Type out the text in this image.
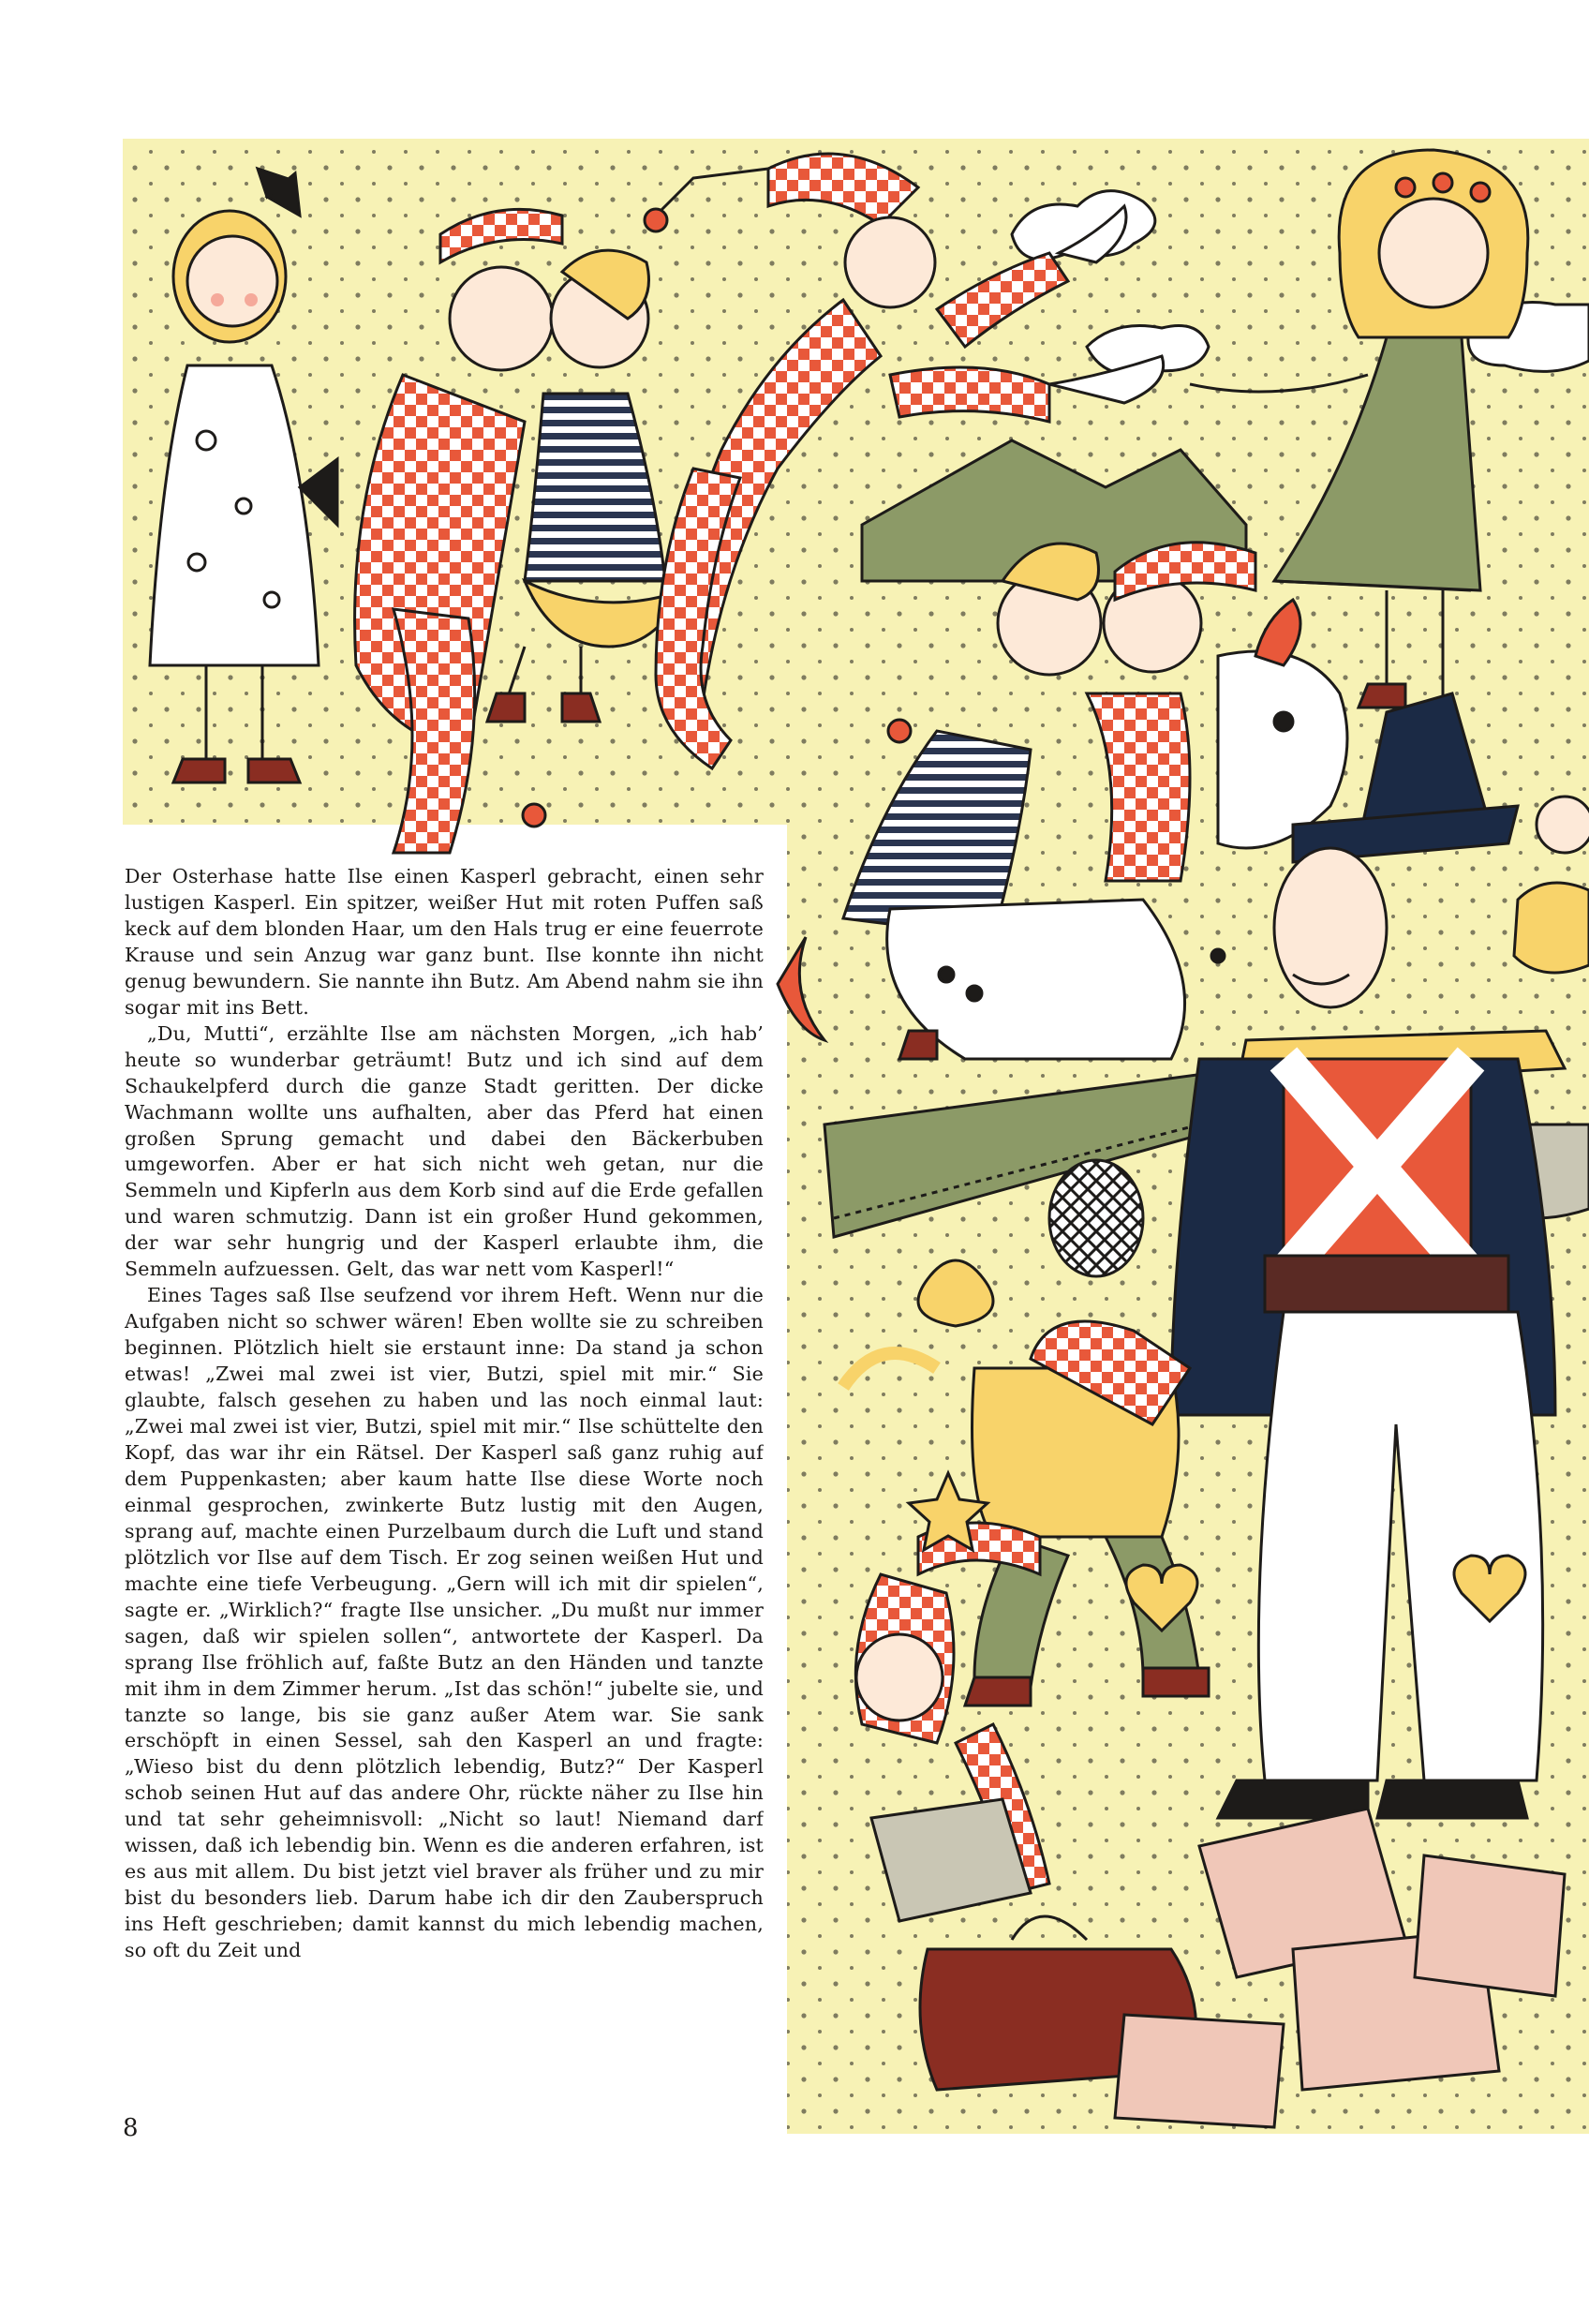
Der Osterhase hatte Ilse einen Kasperl gebracht, einen sehr lustigen Kasperl. Ein spitzer, weißer Hut mit roten Puffen saß keck auf dem blonden Haar, um den Hals trug er eine feuerrote Krause und sein Anzug war ganz bunt. Ilse konnte ihn nicht genug bewundern. Sie nannte ihn Butz. Am Abend nahm sie ihn sogar mit ins Bett.

„Du, Mutti“, erzählte Ilse am nächsten Morgen, „ich hab’ heute so wunderbar geträumt! Butz und ich sind auf dem Schaukelpferd durch die ganze Stadt geritten. Der dicke Wachmann wollte uns aufhalten, aber das Pferd hat einen großen Sprung gemacht und dabei den Bäckerbuben umgeworfen. Aber er hat sich nicht weh getan, nur die Semmeln und Kipferln aus dem Korb sind auf die Erde gefallen und waren schmutzig. Dann ist ein großer Hund gekommen, der war sehr hungrig und der Kasperl erlaubte ihm, die Semmeln aufzuessen. Gelt, das war nett vom Kasperl!“

Eines Tages saß Ilse seufzend vor ihrem Heft. Wenn nur die Aufgaben nicht so schwer wären! Eben wollte sie zu schreiben beginnen. Plötzlich hielt sie erstaunt inne: Da stand ja schon etwas! „Zwei mal zwei ist vier, Butzi, spiel mit mir.“ Sie glaubte, falsch gesehen zu haben und las noch einmal laut: „Zwei mal zwei ist vier, Butzi, spiel mit mir.“ Ilse schüttelte den Kopf, das war ihr ein Rätsel. Der Kasperl saß ganz ruhig auf dem Puppenkasten; aber kaum hatte Ilse diese Worte noch einmal gesprochen, zwinkerte Butz lustig mit den Augen, sprang auf, machte einen Purzelbaum durch die Luft und stand plötzlich vor Ilse auf dem Tisch. Er zog seinen weißen Hut und machte eine tiefe Verbeugung. „Gern will ich mit dir spielen“, sagte er. „Wirklich?“ fragte Ilse unsicher. „Du mußt nur immer sagen, daß wir spielen sollen“, antwortete der Kasperl. Da sprang Ilse fröhlich auf, faßte Butz an den Händen und tanzte mit ihm in dem Zimmer herum. „Ist das schön!“ jubelte sie, und tanzte so lange, bis sie ganz außer Atem war. Sie sank erschöpft in einen Sessel, sah den Kasperl an und fragte: „Wieso bist du denn plötzlich lebendig, Butz?“ Der Kasperl schob seinen Hut auf das andere Ohr, rückte näher zu Ilse hin und tat sehr geheimnisvoll: „Nicht so laut! Niemand darf wissen, daß ich lebendig bin. Wenn es die anderen erfahren, ist es aus mit allem. Du bist jetzt viel braver als früher und zu mir bist du besonders lieb. Darum habe ich dir den Zauberspruch ins Heft geschrieben; damit kannst du mich lebendig machen, so oft du Zeit und

8
